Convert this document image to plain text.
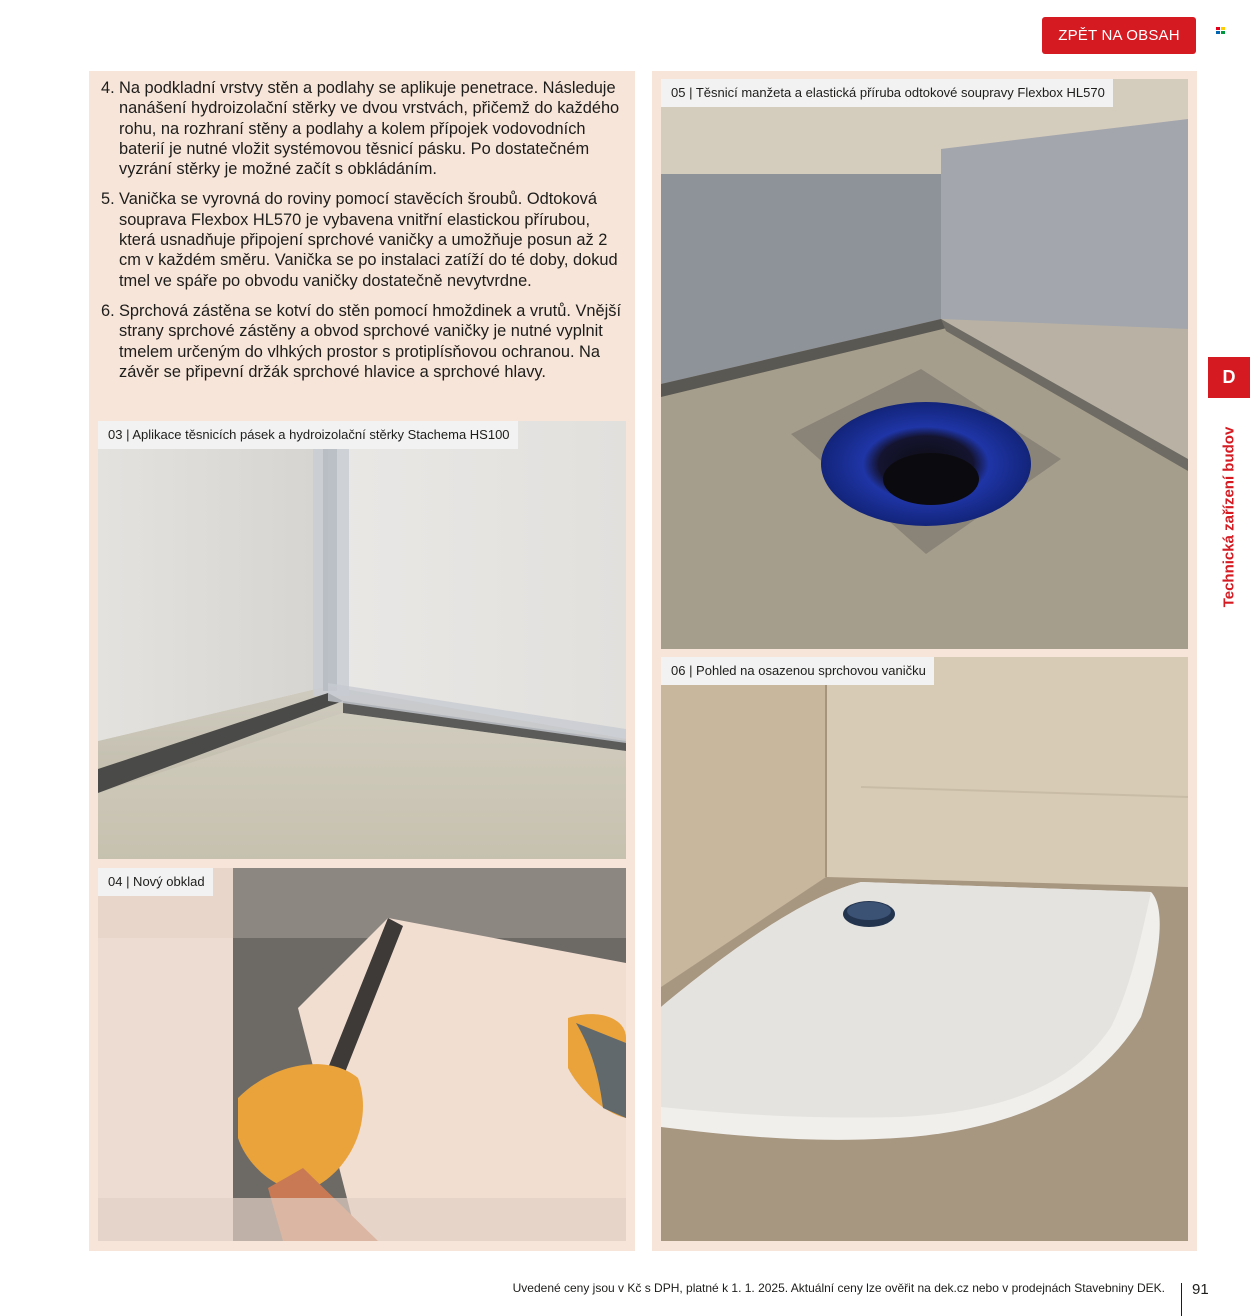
ZPĚT NA OBSAH
4. Na podkladní vrstvy stěn a podlahy se aplikuje penetrace. Následuje nanášení hydroizolační stěrky ve dvou vrstvách, přičemž do každého rohu, na rozhraní stěny a podlahy a kolem přípojek vodovodních baterií je nutné vložit systémovou těsnicí pásku. Po dostatečném vyzrání stěrky je možné začít s obkládáním.
5. Vanička se vyrovná do roviny pomocí stavěcích šroubů. Odtoková souprava Flexbox HL570 je vybavena vnitřní elastickou přírubou, která usnadňuje připojení sprchové vaničky a umožňuje posun až 2 cm v každém směru. Vanička se po instalaci zatíží do té doby, dokud tmel ve spáře po obvodu vaničky dostatečně nevytvrdne.
6. Sprchová zástěna se kotví do stěn pomocí hmoždinek a vrutů. Vnější strany sprchové zástěny a obvod sprchové vaničky je nutné vyplnit tmelem určeným do vlhkých prostor s protiplísňovou ochranou. Na závěr se připevní držák sprchové hlavice a sprchové hlavy.
03 | Aplikace těsnicích pásek a hydroizolační stěrky Stachema HS100
04 | Nový obklad
05 | Těsnicí manžeta a elastická příruba odtokové soupravy Flexbox HL570
06 | Pohled na osazenou sprchovou vaničku
D
Technická zařízení budov
Uvedené ceny jsou v Kč s DPH, platné k 1. 1. 2025. Aktuální ceny lze ověřit na dek.cz nebo v prodejnách Stavebniny DEK. 91
